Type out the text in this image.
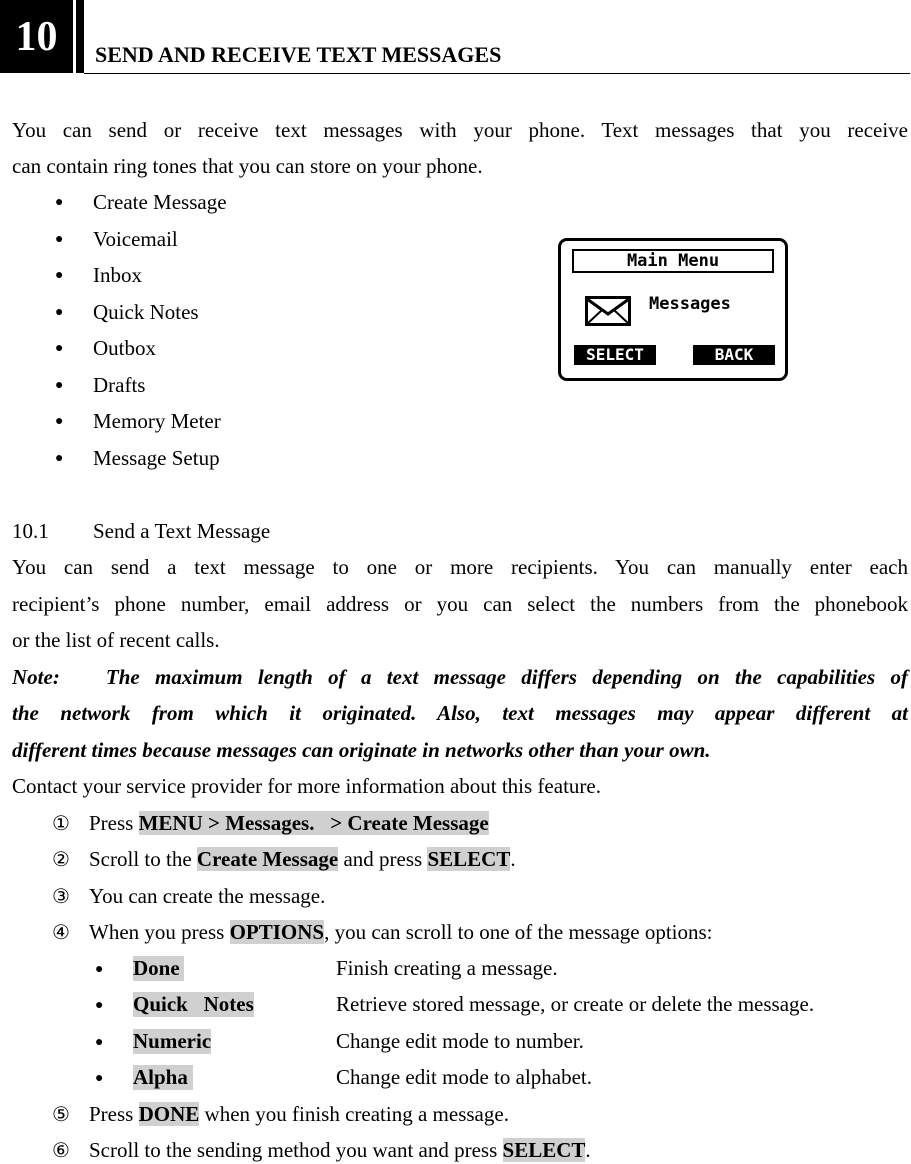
10	SEND AND RECEIVE TEXT MESSAGES
You can send or receive text messages with your phone. Text messages that you receive
can contain ring tones that you can store on your phone.
● Create Message
● Voicemail
● Inbox
● Quick Notes
● Outbox
● Drafts
● Memory Meter
● Message Setup
Main Menu
Messages
SELECT	BACK
10.1 Send a Text Message
You can send a text message to one or more recipients. You can manually enter each
recipient’s phone number, email address or you can select the numbers from the phonebook
or the list of recent calls.
Note:   The maximum length of a text message differs depending on the capabilities of
the network from which it originated. Also, text messages may appear different at
different times because messages can originate in networks other than your own.
Contact your service provider for more information about this feature.
① Press MENU > Messages.   > Create Message
② Scroll to the Create Message and press SELECT.
③ You can create the message.
④ When you press OPTIONS, you can scroll to one of the message options:
● Done	Finish creating a message.
● Quick   Notes	Retrieve stored message, or create or delete the message.
● Numeric	Change edit mode to number.
● Alpha	Change edit mode to alphabet.
⑤ Press DONE when you finish creating a message.
⑥ Scroll to the sending method you want and press SELECT.
